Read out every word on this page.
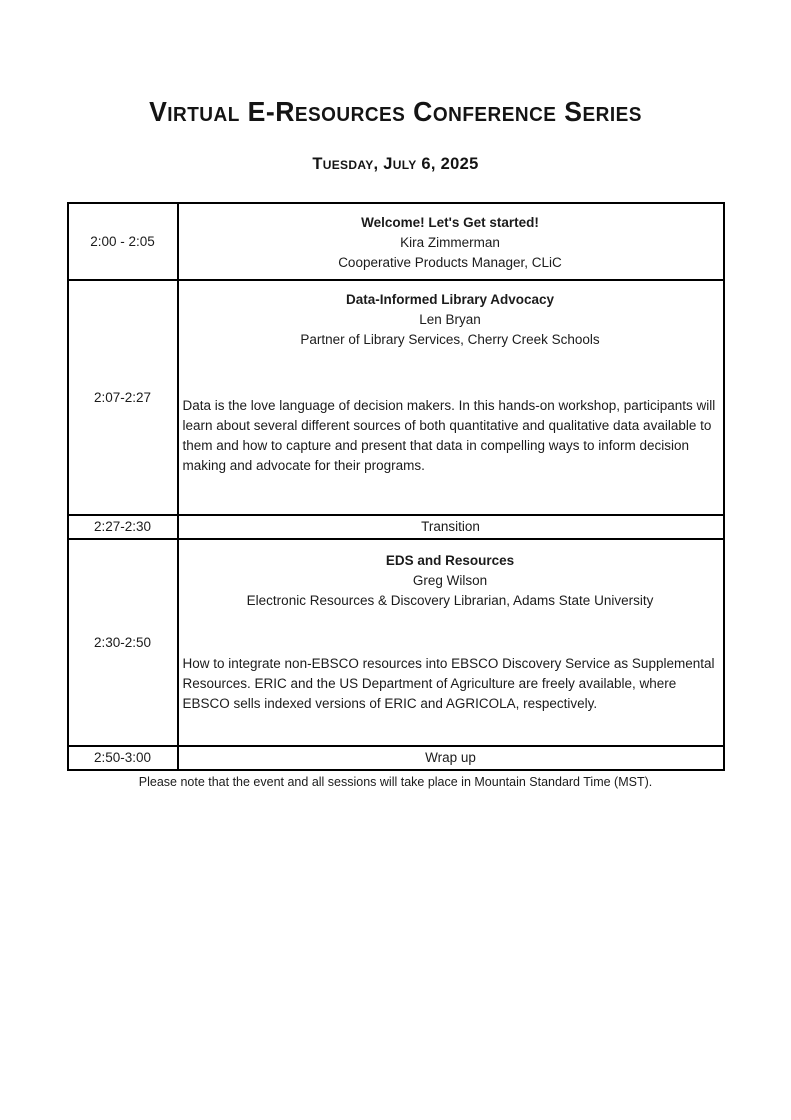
Virtual E-Resources Conference Series
Tuesday, July 6, 2025
2:00 - 2:05	Welcome! Let's Get started!
Kira Zimmerman
Cooperative Products Manager, CLiC

2:07-2:27	Data-Informed Library Advocacy
Len Bryan
Partner of Library Services, Cherry Creek Schools
Data is the love language of decision makers. In this hands-on workshop, participants will learn about several different sources of both quantitative and qualitative data available to them and how to capture and present that data in compelling ways to inform decision making and advocate for their programs.

2:27-2:30	Transition
2:30-2:50	EDS and Resources
Greg Wilson
Electronic Resources & Discovery Librarian, Adams State University
How to integrate non-EBSCO resources into EBSCO Discovery Service as Supplemental Resources. ERIC and the US Department of Agriculture are freely available, where EBSCO sells indexed versions of ERIC and AGRICOLA, respectively.

2:50-3:00	Wrap up

Please note that the event and all sessions will take place in Mountain Standard Time (MST).
